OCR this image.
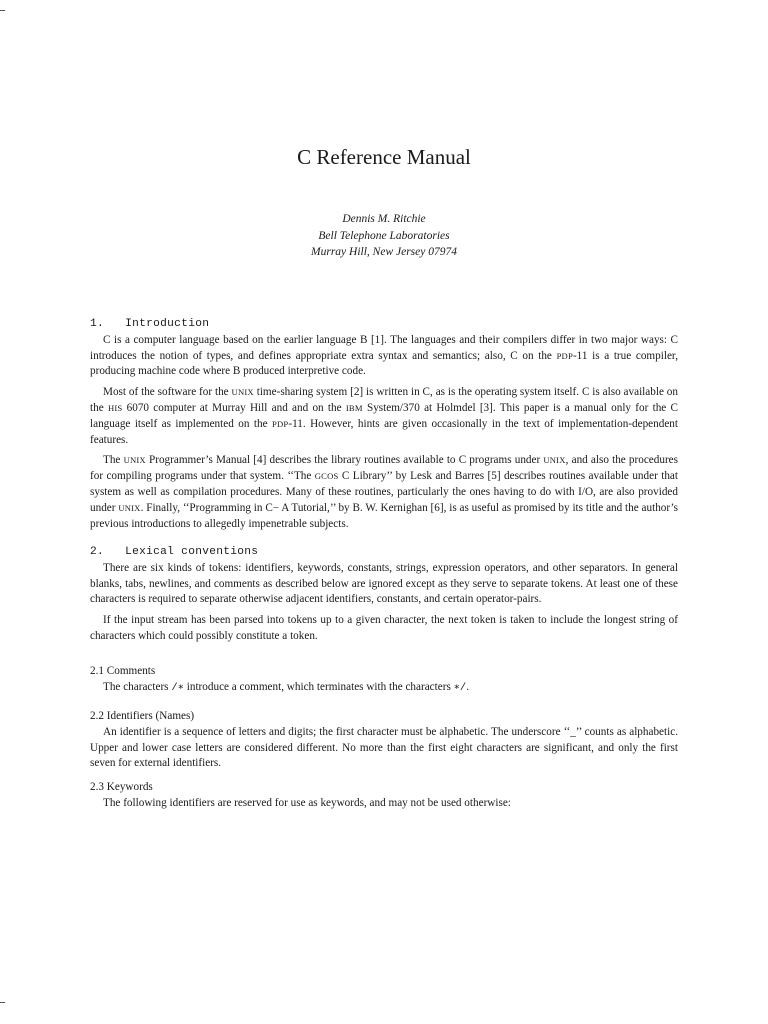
C Reference Manual
Dennis M. Ritchie
Bell Telephone Laboratories
Murray Hill, New Jersey 07974
1.   Introduction

C is a computer language based on the earlier language B [1]. The languages and their compilers differ in two major ways: C introduces the notion of types, and defines appropriate extra syntax and semantics; also, C on the PDP-11 is a true compiler, producing machine code where B produced interpretive code.

Most of the software for the UNIX time-sharing system [2] is written in C, as is the operating system itself. C is also available on the HIS 6070 computer at Murray Hill and and on the IBM System/370 at Holmdel [3]. This paper is a manual only for the C language itself as implemented on the PDP-11. However, hints are given occasionally in the text of implementation-dependent features.

The UNIX Programmer’s Manual [4] describes the library routines available to C programs under UNIX, and also the procedures for compiling programs under that system. ‘‘The GCOS C Library’’ by Lesk and Barres [5] describes routines available under that system as well as compilation procedures. Many of these routines, particularly the ones having to do with I/O, are also provided under UNIX. Finally, ‘‘Programming in C− A Tutorial,’’ by B. W. Kernighan [6], is as useful as promised by its title and the author’s previous introductions to allegedly impenetrable subjects.

2.   Lexical conventions

There are six kinds of tokens: identifiers, keywords, constants, strings, expression operators, and other separators. In general blanks, tabs, newlines, and comments as described below are ignored except as they serve to separate tokens. At least one of these characters is required to separate otherwise adjacent identifiers, constants, and certain operator-pairs.

If the input stream has been parsed into tokens up to a given character, the next token is taken to include the longest string of characters which could possibly constitute a token.

2.1 Comments

The characters /∗ introduce a comment, which terminates with the characters ∗/.

2.2 Identifiers (Names)

An identifier is a sequence of letters and digits; the first character must be alphabetic. The underscore ‘‘_’’ counts as alphabetic. Upper and lower case letters are considered different. No more than the first eight characters are significant, and only the first seven for external identifiers.

2.3 Keywords

The following identifiers are reserved for use as keywords, and may not be used otherwise:
